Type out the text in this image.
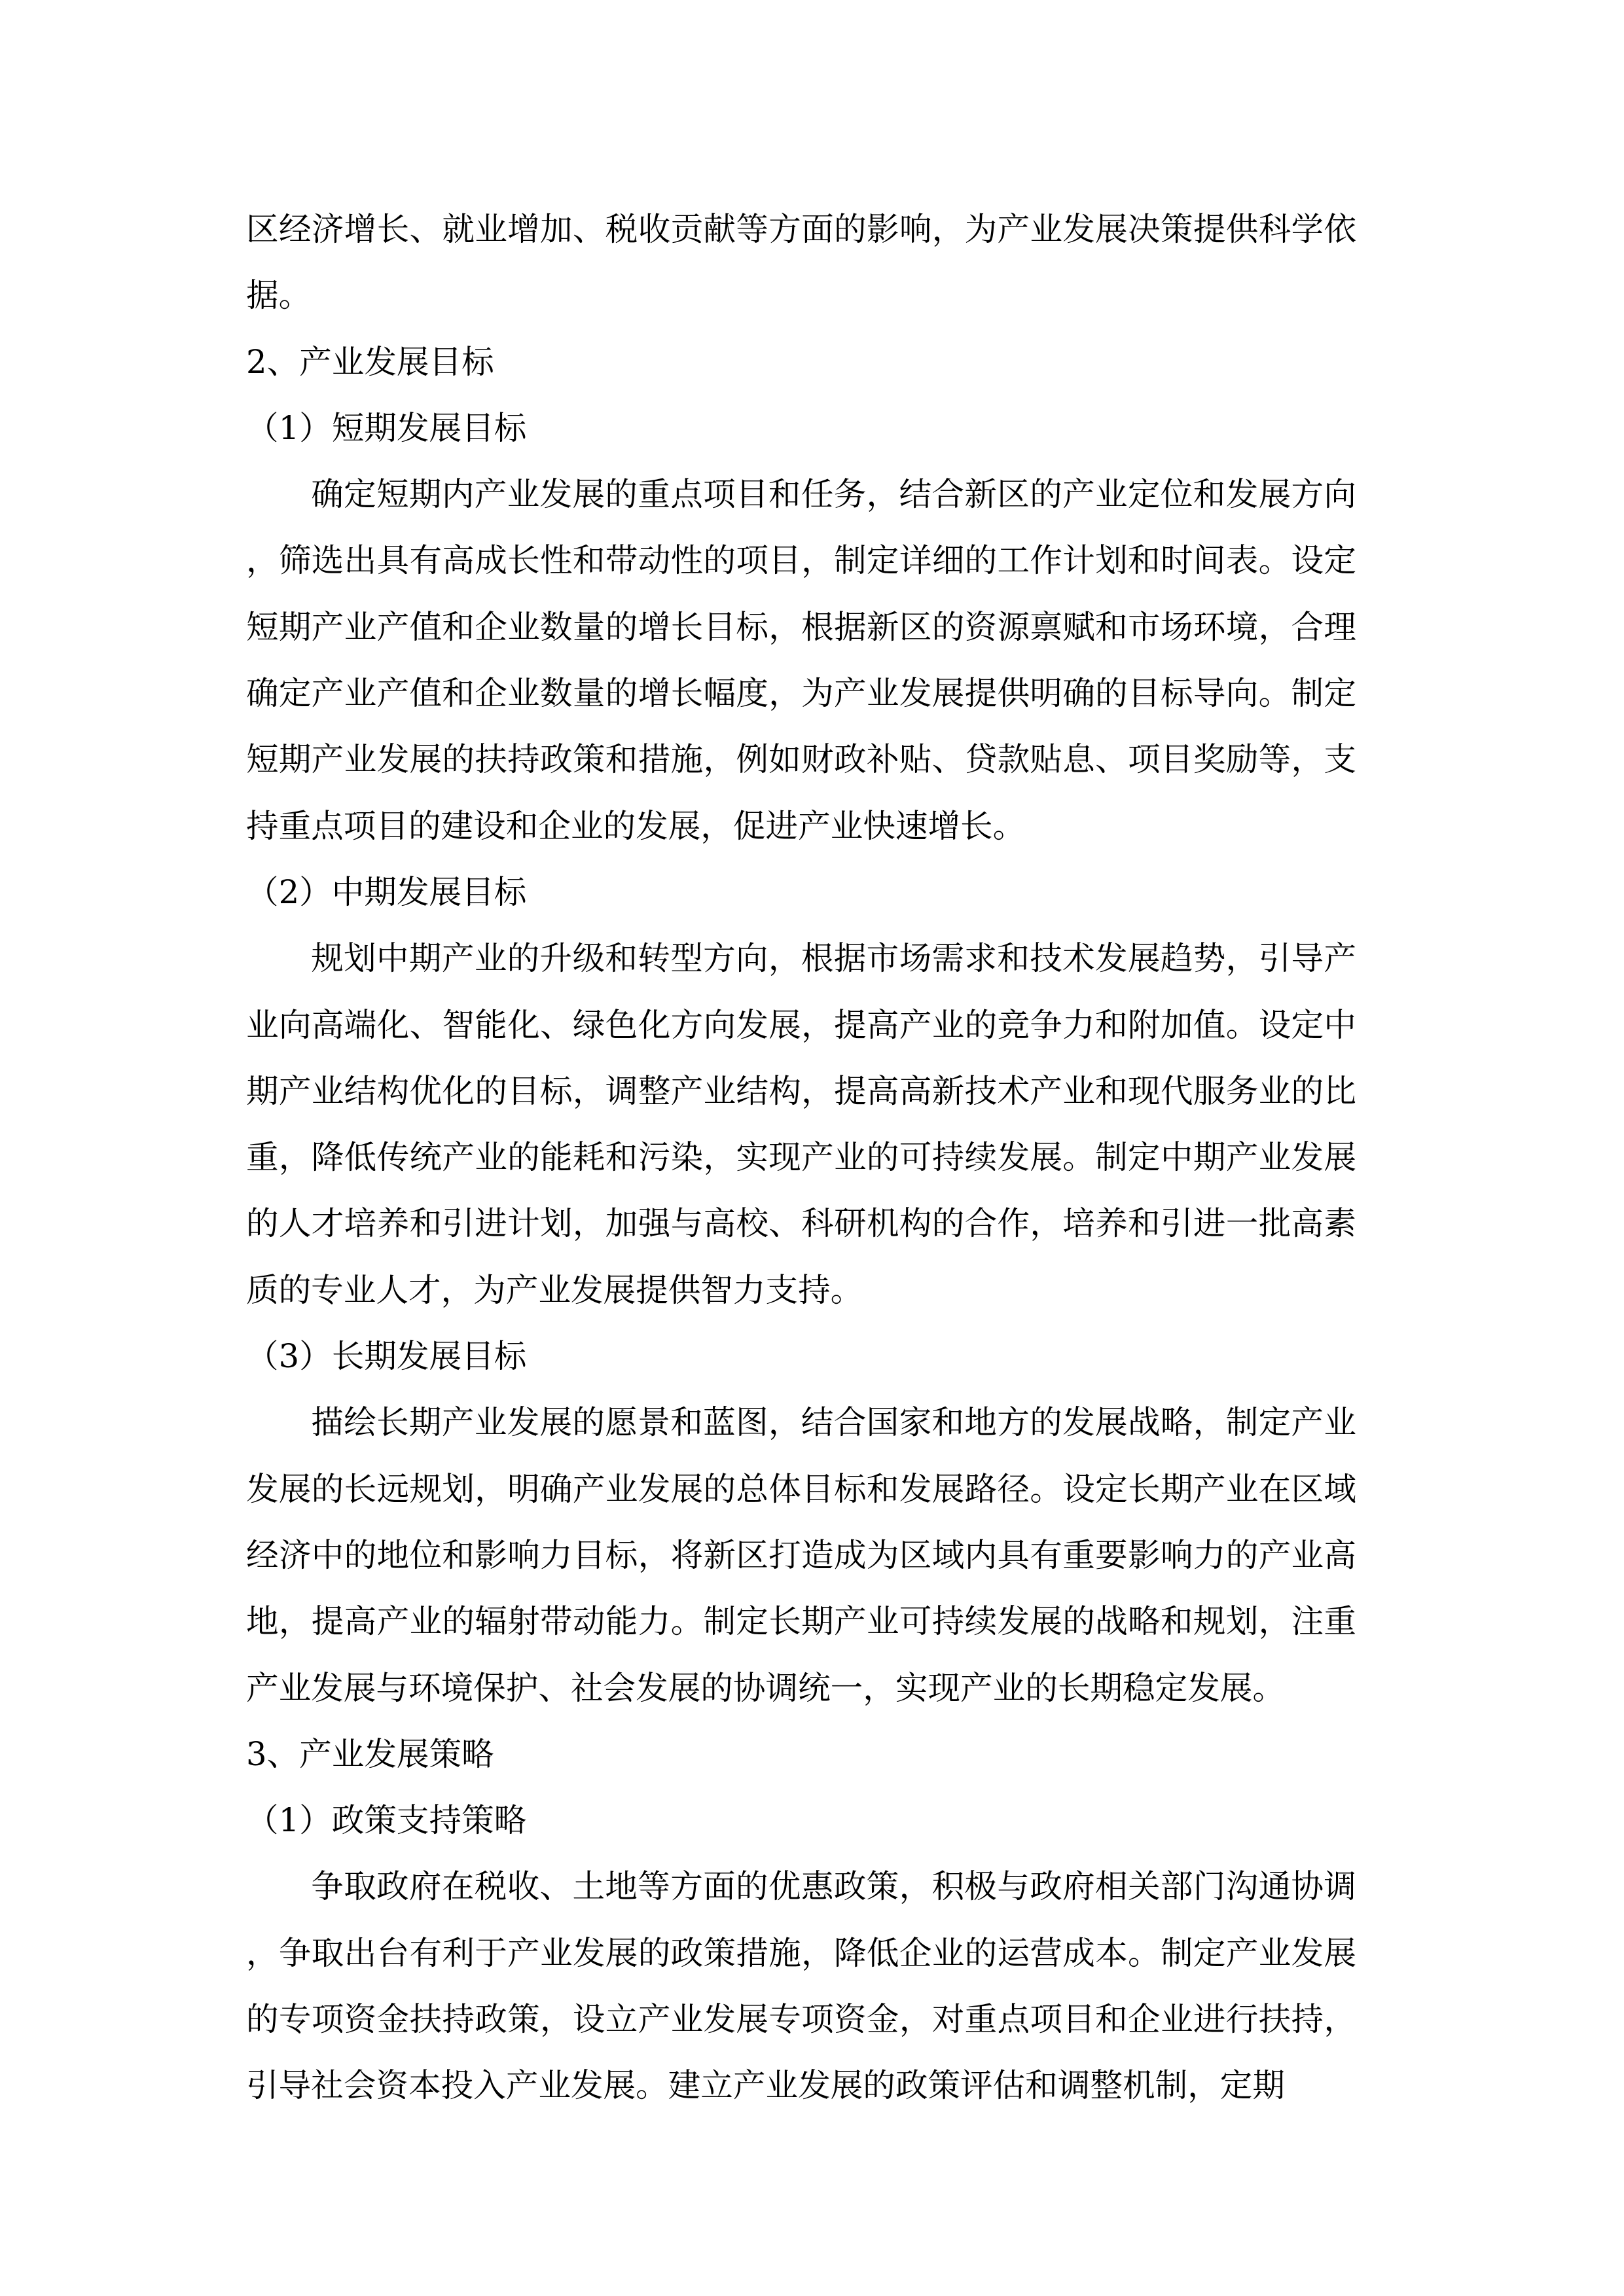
区经济增长、就业增加、税收贡献等方面的影响，为产业发展决策提供科学依据。

2、产业发展目标

（1）短期发展目标

确定短期内产业发展的重点项目和任务，结合新区的产业定位和发展方向，筛选出具有高成长性和带动性的项目，制定详细的工作计划和时间表。设定短期产业产值和企业数量的增长目标，根据新区的资源禀赋和市场环境，合理确定产业产值和企业数量的增长幅度，为产业发展提供明确的目标导向。制定短期产业发展的扶持政策和措施，例如财政补贴、贷款贴息、项目奖励等，支持重点项目的建设和企业的发展，促进产业快速增长。

（2）中期发展目标

规划中期产业的升级和转型方向，根据市场需求和技术发展趋势，引导产业向高端化、智能化、绿色化方向发展，提高产业的竞争力和附加值。设定中期产业结构优化的目标，调整产业结构，提高高新技术产业和现代服务业的比重，降低传统产业的能耗和污染，实现产业的可持续发展。制定中期产业发展的人才培养和引进计划，加强与高校、科研机构的合作，培养和引进一批高素质的专业人才，为产业发展提供智力支持。

（3）长期发展目标

描绘长期产业发展的愿景和蓝图，结合国家和地方的发展战略，制定产业发展的长远规划，明确产业发展的总体目标和发展路径。设定长期产业在区域经济中的地位和影响力目标，将新区打造成为区域内具有重要影响力的产业高地，提高产业的辐射带动能力。制定长期产业可持续发展的战略和规划，注重产业发展与环境保护、社会发展的协调统一，实现产业的长期稳定发展。

3、产业发展策略

（1）政策支持策略

争取政府在税收、土地等方面的优惠政策，积极与政府相关部门沟通协调，争取出台有利于产业发展的政策措施，降低企业的运营成本。制定产业发展的专项资金扶持政策，设立产业发展专项资金，对重点项目和企业进行扶持，引导社会资本投入产业发展。建立产业发展的政策评估和调整机制，定期
